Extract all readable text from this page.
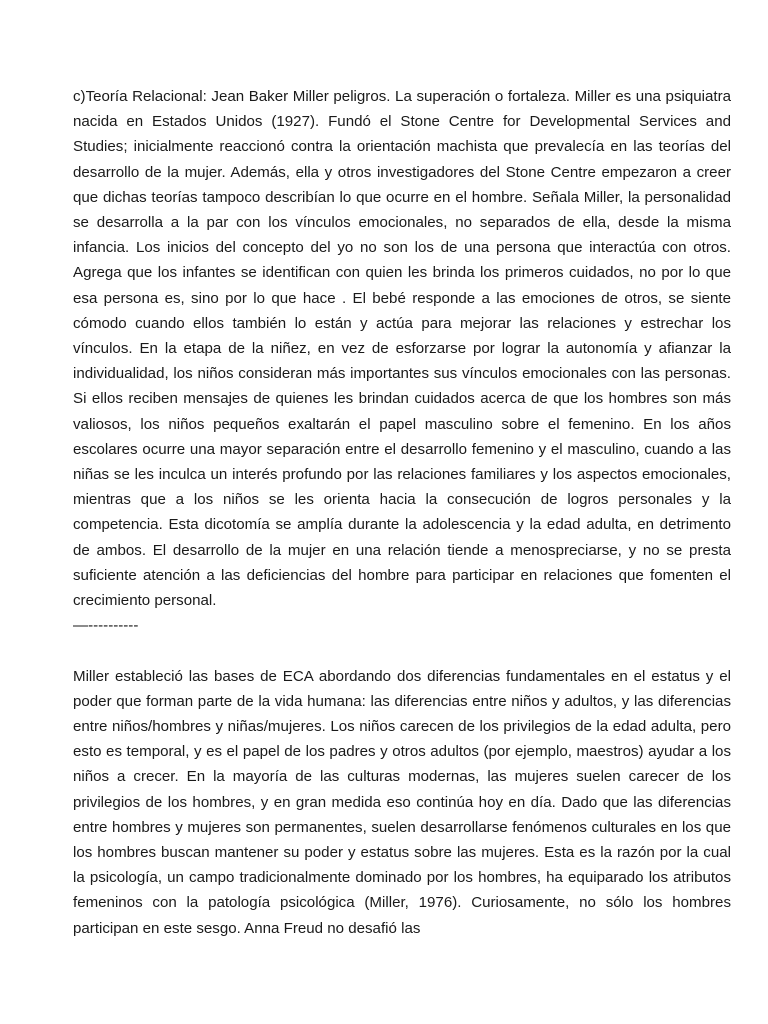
c)Teoría Relacional: Jean Baker Miller peligros. La superación o fortaleza. Miller es una psiquiatra nacida en Estados Unidos (1927). Fundó el Stone Centre for Developmental Services and Studies; inicialmente reaccionó contra la orientación machista que prevalecía en las teorías del desarrollo de la mujer. Además, ella y otros investigadores del Stone Centre empezaron a creer que dichas teorías tampoco describían lo que ocurre en el hombre. Señala Miller, la personalidad se desarrolla a la par con los vínculos emocionales, no separados de ella, desde la misma infancia. Los inicios del concepto del yo no son los de una persona que interactúa con otros. Agrega que los infantes se identifican con quien les brinda los primeros cuidados, no por lo que esa persona es, sino por lo que hace . El bebé responde a las emociones de otros, se siente cómodo cuando ellos también lo están y actúa para mejorar las relaciones y estrechar los vínculos. En la etapa de la niñez, en vez de esforzarse por lograr la autonomía y afianzar la individualidad, los niños consideran más importantes sus vínculos emocionales con las personas. Si ellos reciben mensajes de quienes les brindan cuidados acerca de que los hombres son más valiosos, los niños pequeños exaltarán el papel masculino sobre el femenino. En los años escolares ocurre una mayor separación entre el desarrollo femenino y el masculino, cuando a las niñas se les inculca un interés profundo por las relaciones familiares y los aspectos emocionales, mientras que a los niños se les orienta hacia la consecución de logros personales y la competencia. Esta dicotomía se amplía durante la adolescencia y la edad adulta, en detrimento de ambos. El desarrollo de la mujer en una relación tiende a menospreciarse, y no se presta suficiente atención a las deficiencias del hombre para participar en relaciones que fomenten el crecimiento personal.

—----------

Miller estableció las bases de ECA abordando dos diferencias fundamentales en el estatus y el poder que forman parte de la vida humana: las diferencias entre niños y adultos, y las diferencias entre niños/hombres y niñas/mujeres. Los niños carecen de los privilegios de la edad adulta, pero esto es temporal, y es el papel de los padres y otros adultos (por ejemplo, maestros) ayudar a los niños a crecer. En la mayoría de las culturas modernas, las mujeres suelen carecer de los privilegios de los hombres, y en gran medida eso continúa hoy en día. Dado que las diferencias entre hombres y mujeres son permanentes, suelen desarrollarse fenómenos culturales en los que los hombres buscan mantener su poder y estatus sobre las mujeres. Esta es la razón por la cual la psicología, un campo tradicionalmente dominado por los hombres, ha equiparado los atributos femeninos con la patología psicológica (Miller, 1976). Curiosamente, no sólo los hombres participan en este sesgo. Anna Freud no desafió las
